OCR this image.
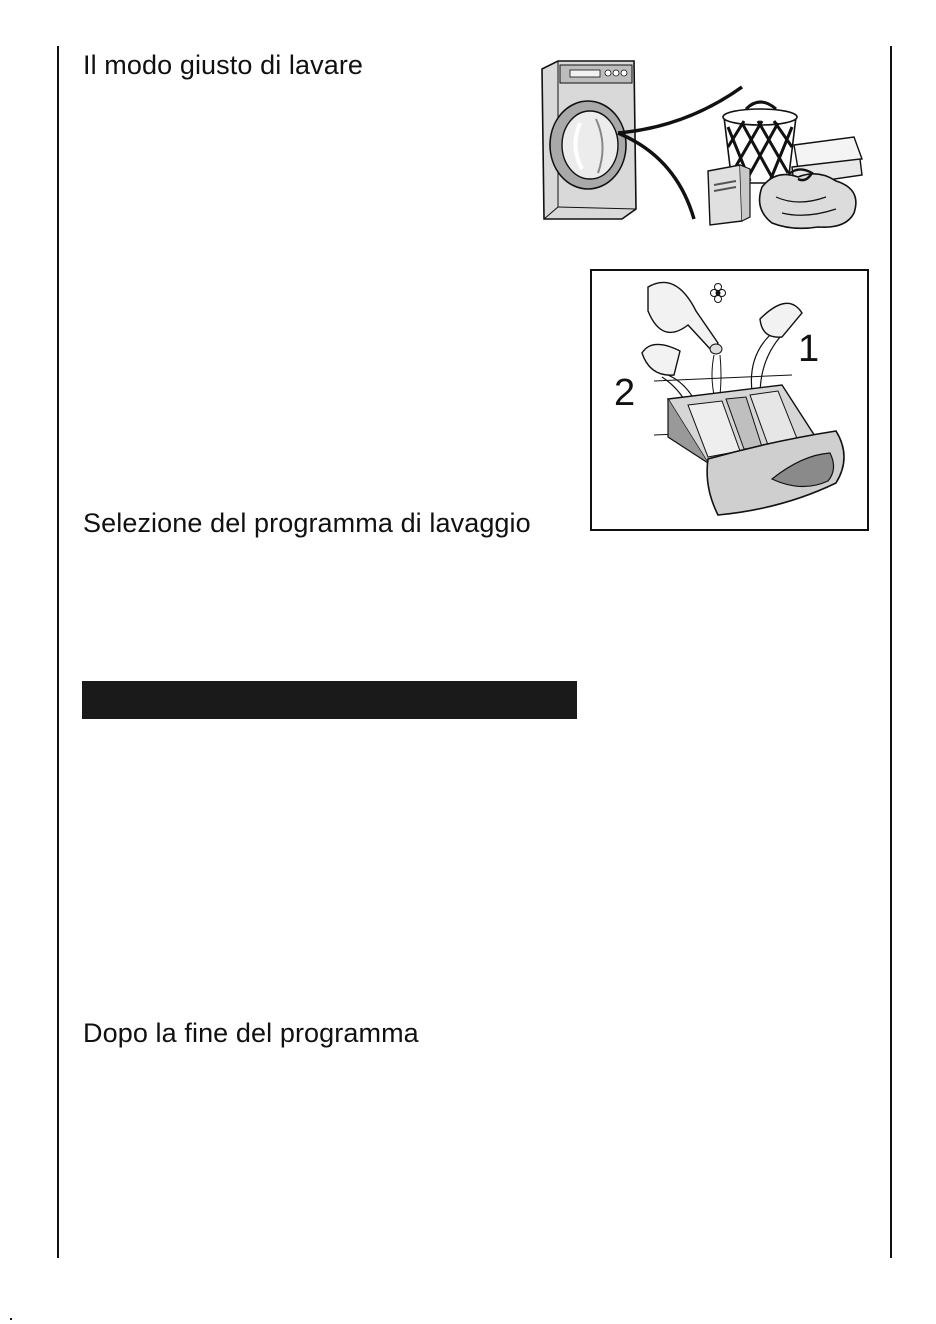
Il modo giusto di lavare
1
2
Selezione del programma di lavaggio
Dopo la fine del programma
